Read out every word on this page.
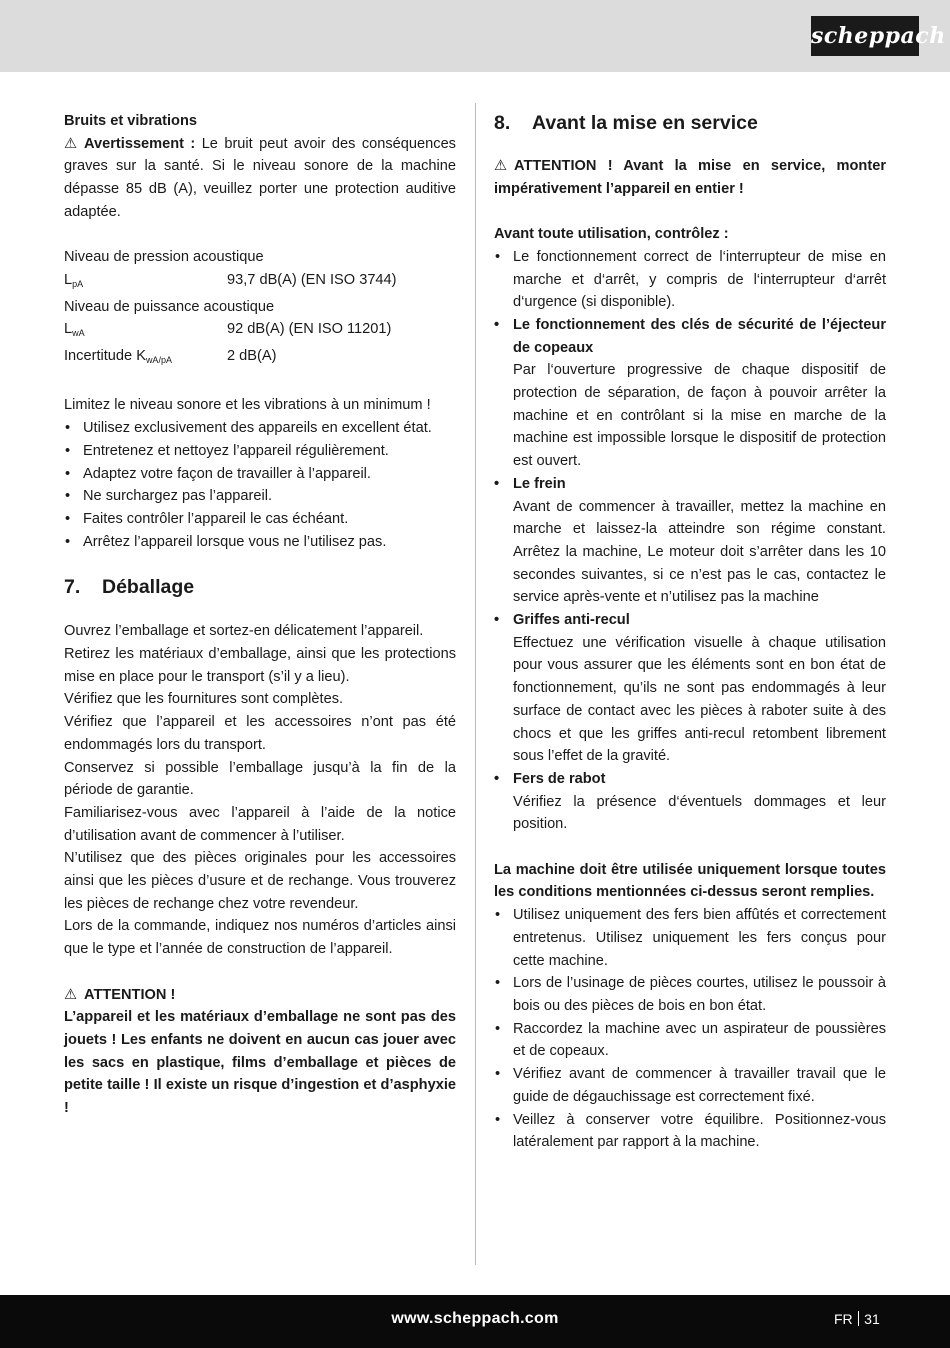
scheppach
Bruits et vibrations
⚠ Avertissement : Le bruit peut avoir des conséquences graves sur la santé. Si le niveau sonore de la machine dépasse 85 dB (A), veuillez porter une protection auditive adaptée.
Niveau de pression acoustique
$L_{pA}$	93,7 dB(A) (EN ISO 3744)
Niveau de puissance acoustique
$L_{wA}$	92 dB(A) (EN ISO 11201)
Incertitude $K_{wA/pA}$	2 dB(A)
Limitez le niveau sonore et les vibrations à un minimum !
• Utilisez exclusivement des appareils en excellent état.
• Entretenez et nettoyez l’appareil régulièrement.
• Adaptez votre façon de travailler à l’appareil.
• Ne surchargez pas l’appareil.
• Faites contrôler l’appareil le cas échéant.
• Arrêtez l’appareil lorsque vous ne l’utilisez pas.
7. Déballage
Ouvrez l’emballage et sortez-en délicatement l’appareil.
Retirez les matériaux d’emballage, ainsi que les protections mise en place pour le transport (s’il y a lieu).
Vérifiez que les fournitures sont complètes.
Vérifiez que l’appareil et les accessoires n’ont pas été endommagés lors du transport.
Conservez si possible l’emballage jusqu’à la fin de la période de garantie.
Familiarisez-vous avec l’appareil à l’aide de la notice d’utilisation avant de commencer à l’utiliser.
N’utilisez que des pièces originales pour les accessoires ainsi que les pièces d’usure et de rechange. Vous trouverez les pièces de rechange chez votre revendeur.
Lors de la commande, indiquez nos numéros d’articles ainsi que le type et l’année de construction de l’appareil.
⚠ ATTENTION !
L’appareil et les matériaux d’emballage ne sont pas des jouets ! Les enfants ne doivent en aucun cas jouer avec les sacs en plastique, films d’emballage et pièces de petite taille ! Il existe un risque d’ingestion et d’asphyxie !
8. Avant la mise en service
⚠ ATTENTION ! Avant la mise en service, monter impérativement l’appareil en entier !
Avant toute utilisation, contrôlez :
• Le fonctionnement correct de l‘interrupteur de mise en marche et d‘arrêt, y compris de l‘interrupteur d‘arrêt d‘urgence (si disponible).
• Le fonctionnement des clés de sécurité de l’éjecteur de copeaux
Par l‘ouverture progressive de chaque dispositif de protection de séparation, de façon à pouvoir arrêter la machine et en contrôlant si la mise en marche de la machine est impossible lorsque le dispositif de protection est ouvert.
• Le frein
Avant de commencer à travailler, mettez la machine en marche et laissez-la atteindre son régime constant. Arrêtez la machine, Le moteur doit s’arrêter dans les 10 secondes suivantes, si ce n’est pas le cas, contactez le service après-vente et n’utilisez pas la machine
• Griffes anti-recul
Effectuez une vérification visuelle à chaque utilisation pour vous assurer que les éléments sont en bon état de fonctionnement, qu’ils ne sont pas endommagés à leur surface de contact avec les pièces à raboter suite à des chocs et que les griffes anti-recul retombent librement sous l’effet de la gravité.
• Fers de rabot
Vérifiez la présence d‘éventuels dommages et leur position.
La machine doit être utilisée uniquement lorsque toutes les conditions mentionnées ci-dessus seront remplies.
• Utilisez uniquement des fers bien affûtés et correctement entretenus. Utilisez uniquement les fers conçus pour cette machine.
• Lors de l’usinage de pièces courtes, utilisez le poussoir à bois ou des pièces de bois en bon état.
• Raccordez la machine avec un aspirateur de poussières et de copeaux.
• Vérifiez avant de commencer à travailler travail que le guide de dégauchissage est correctement fixé.
• Veillez à conserver votre équilibre. Positionnez-vous latéralement par rapport à la machine.
www.scheppach.com	FR 31
